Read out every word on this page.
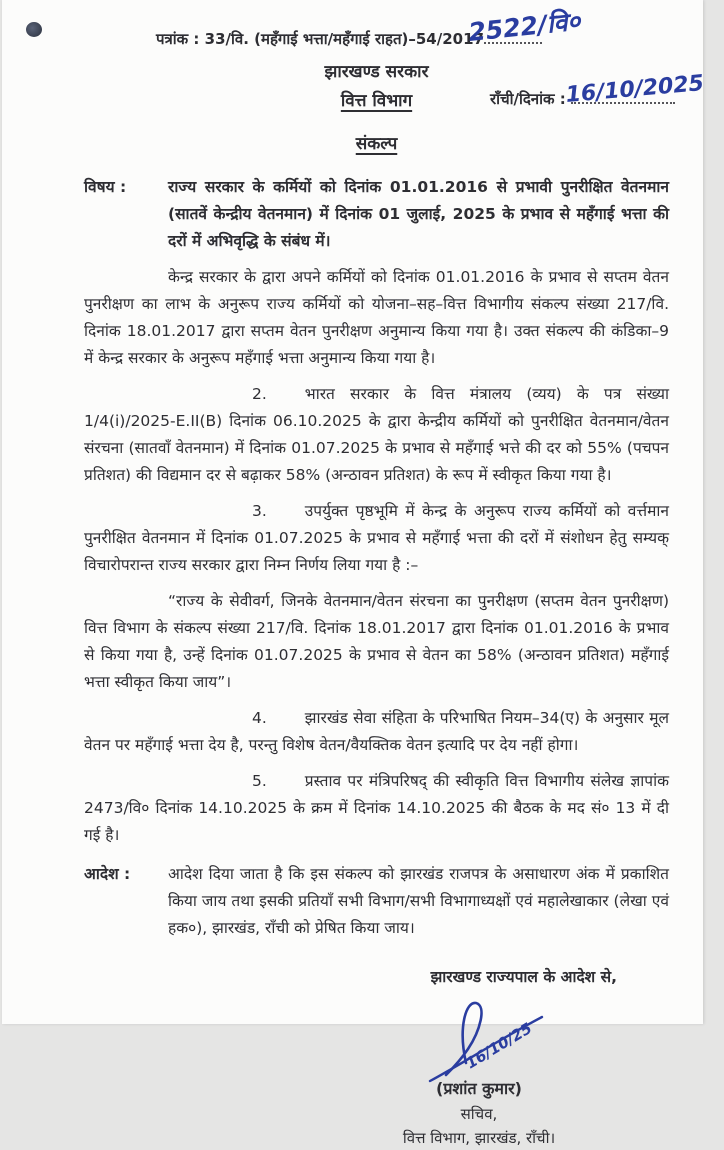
पत्रांक : 33/वि. (महँगाई भत्ता/महँगाई राहत)–54/2017
2522/वि०
झारखण्ड सरकार
वित्त विभाग	राँची/दिनांक :
16/10/2025
संकल्प
विषय :	राज्य सरकार के कर्मियों को दिनांक 01.01.2016 से प्रभावी पुनरीक्षित वेतनमान (सातवें केन्द्रीय वेतनमान) में दिनांक 01 जुलाई, 2025 के प्रभाव से महँगाई भत्ता की दरों में अभिवृद्धि के संबंध में।

केन्द्र सरकार के द्वारा अपने कर्मियों को दिनांक 01.01.2016 के प्रभाव से सप्तम वेतन पुनरीक्षण का लाभ के अनुरूप राज्य कर्मियों को योजना–सह–वित्त विभागीय संकल्प संख्या 217/वि. दिनांक 18.01.2017 द्वारा सप्तम वेतन पुनरीक्षण अनुमान्य किया गया है। उक्त संकल्प की कंडिका–9 में केन्द्र सरकार के अनुरूप महँगाई भत्ता अनुमान्य किया गया है।

2. भारत सरकार के वित्त मंत्रालय (व्यय) के पत्र संख्या 1/4(i)/2025-E.II(B) दिनांक 06.10.2025 के द्वारा केन्द्रीय कर्मियों को पुनरीक्षित वेतनमान/वेतन संरचना (सातवाँ वेतनमान) में दिनांक 01.07.2025 के प्रभाव से महँगाई भत्ते की दर को 55% (पचपन प्रतिशत) की विद्यमान दर से बढ़ाकर 58% (अन्ठावन प्रतिशत) के रूप में स्वीकृत किया गया है।

3. उपर्युक्त पृष्ठभूमि में केन्द्र के अनुरूप राज्य कर्मियों को वर्त्तमान पुनरीक्षित वेतनमान में दिनांक 01.07.2025 के प्रभाव से महँगाई भत्ता की दरों में संशोधन हेतु सम्यक् विचारोपरान्त राज्य सरकार द्वारा निम्न निर्णय लिया गया है :–

“राज्य के सेवीवर्ग, जिनके वेतनमान/वेतन संरचना का पुनरीक्षण (सप्तम वेतन पुनरीक्षण) वित्त विभाग के संकल्प संख्या 217/वि. दिनांक 18.01.2017 द्वारा दिनांक 01.01.2016 के प्रभाव से किया गया है, उन्हें दिनांक 01.07.2025 के प्रभाव से वेतन का 58% (अन्ठावन प्रतिशत) महँगाई भत्ता स्वीकृत किया जाय”।

4. झारखंड सेवा संहिता के परिभाषित नियम–34(ए) के अनुसार मूल वेतन पर महँगाई भत्ता देय है, परन्तु विशेष वेतन/वैयक्तिक वेतन इत्यादि पर देय नहीं होगा।

5. प्रस्ताव पर मंत्रिपरिषद् की स्वीकृति वित्त विभागीय संलेख ज्ञापांक 2473/वि० दिनांक 14.10.2025 के क्रम में दिनांक 14.10.2025 की बैठक के मद सं० 13 में दी गई है।

आदेश :	आदेश दिया जाता है कि इस संकल्प को झारखंड राजपत्र के असाधारण अंक में प्रकाशित किया जाय तथा इसकी प्रतियाँ सभी विभाग/सभी विभागाध्यक्षों एवं महालेखाकार (लेखा एवं हक०), झारखंड, राँची को प्रेषित किया जाय।
झारखण्ड राज्यपाल के आदेश से,
16/10/25
(प्रशांत कुमार)
सचिव,
वित्त विभाग, झारखंड, राँची।
